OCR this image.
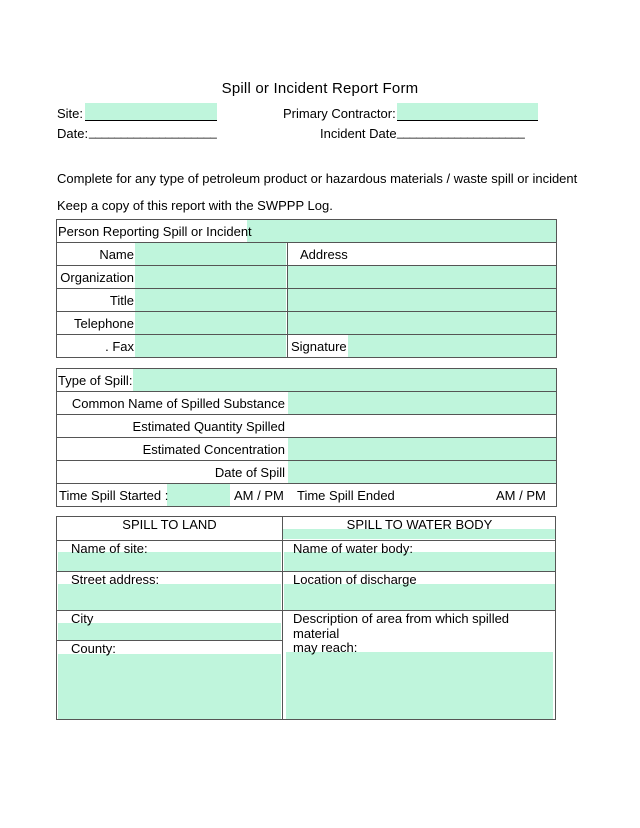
Spill or Incident Report Form
Site:
Date: ____________________
Primary Contractor:
Incident Date ____________________
Complete for any type of petroleum product or hazardous materials / waste spill or incident
Keep a copy of this report with the SWPPP Log.
Person Reporting Spill or Incident
Name	Address
Organization
Title
Telephone
. Fax	Signature
Type of Spill:
Common Name of Spilled Substance
Estimated Quantity Spilled
Estimated Concentration
Date of Spill
Time Spill Started :	AM / PM Time Spill Ended	AM / PM
SPILL TO LAND	SPILL TO WATER BODY
Name of site:	Name of water body:
Street address:	Location of discharge
City
County:
Description of area from which spilled
material
may reach:
